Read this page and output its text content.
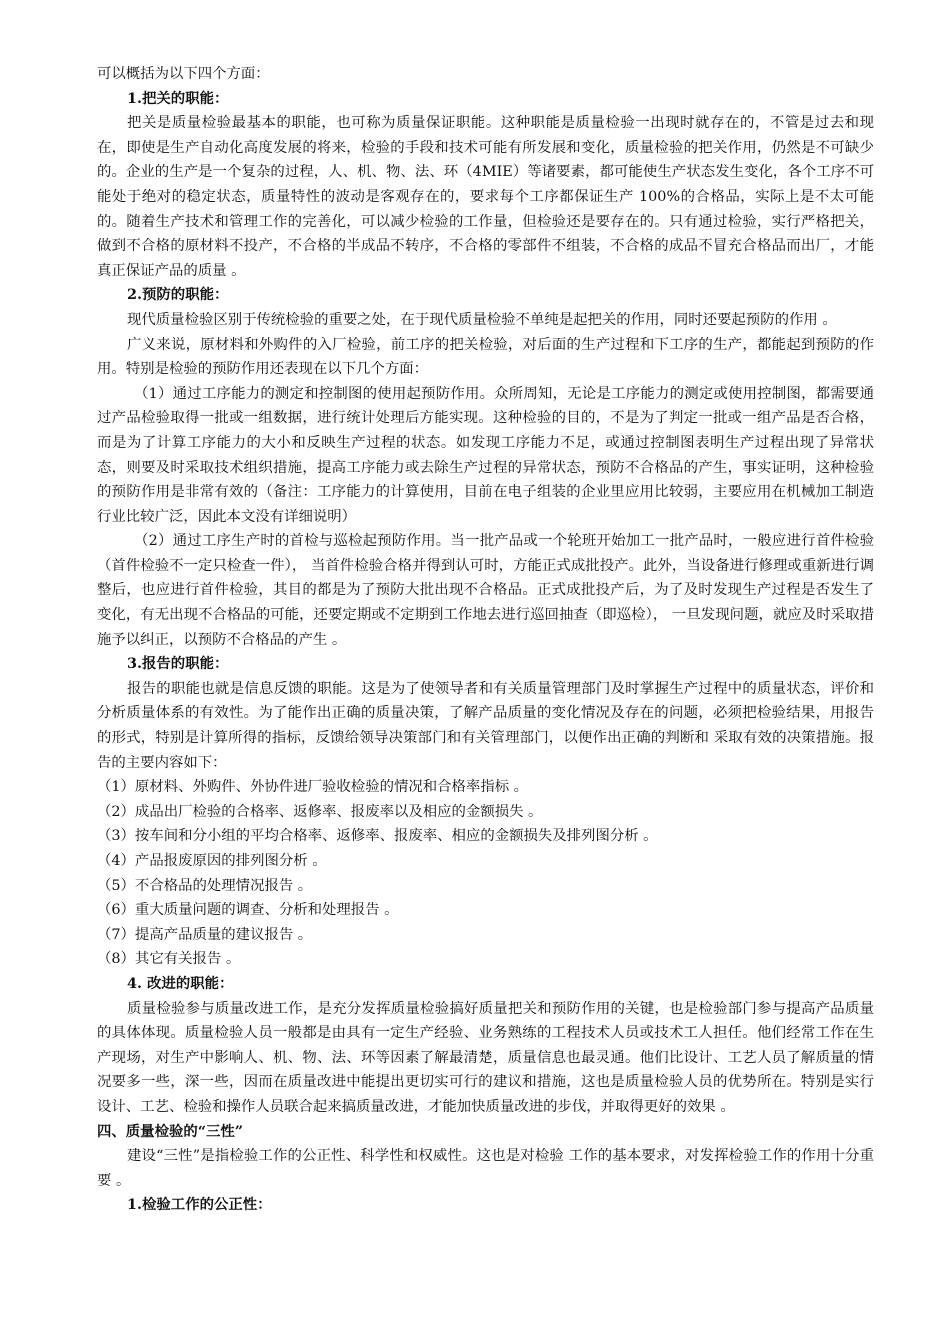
可以概括为以下四个方面：

1.把关的职能：

把关是质量检验最基本的职能，也可称为质量保证职能。这种职能是质量检验一出现时就存在的，不管是过去和现在，即使是生产自动化高度发展的将来，检验的手段和技术可能有所发展和变化，质量检验的把关作用，仍然是不可缺少的。企业的生产是一个复杂的过程，人、机、物、法、环（4MIE）等诸要素，都可能使生产状态发生变化，各个工序不可能处于绝对的稳定状态，质量特性的波动是客观存在的，要求每个工序都保证生产 100%的合格品，实际上是不太可能的。随着生产技术和管理工作的完善化，可以减少检验的工作量，但检验还是要存在的。只有通过检验，实行严格把关，做到不合格的原材料不投产，不合格的半成品不转序，不合格的零部件不组装，不合格的成品不冒充合格品而出厂，才能真正保证产品的质量 。

2.预防的职能：

现代质量检验区别于传统检验的重要之处，在于现代质量检验不单纯是起把关的作用，同时还要起预防的作用 。

广义来说，原材料和外购件的入厂检验，前工序的把关检验，对后面的生产过程和下工序的生产，都能起到预防的作用。特别是检验的预防作用还表现在以下几个方面：

（1）通过工序能力的测定和控制图的使用起预防作用。众所周知，无论是工序能力的测定或使用控制图，都需要通过产品检验取得一批或一组数据，进行统计处理后方能实现。这种检验的目的，不是为了判定一批或一组产品是否合格，而是为了计算工序能力的大小和反映生产过程的状态。如发现工序能力不足，或通过控制图表明生产过程出现了异常状态，则要及时采取技术组织措施，提高工序能力或去除生产过程的异常状态，预防不合格品的产生，事实证明，这种检验的预防作用是非常有效的（备注：工序能力的计算使用，目前在电子组装的企业里应用比较弱，主要应用在机械加工制造行业比较广泛，因此本文没有详细说明）

（2）通过工序生产时的首检与巡检起预防作用。当一批产品或一个轮班开始加工一批产品时，一般应进行首件检验（首件检验不一定只检查一件）， 当首件检验合格并得到认可时，方能正式成批投产。此外，当设备进行修理或重新进行调整后，也应进行首件检验，其目的都是为了预防大批出现不合格品。正式成批投产后，为了及时发现生产过程是否发生了变化，有无出现不合格品的可能，还要定期或不定期到工作地去进行巡回抽查（即巡检）， 一旦发现问题，就应及时采取措施予以纠正，以预防不合格品的产生 。

3.报告的职能：

报告的职能也就是信息反馈的职能。这是为了使领导者和有关质量管理部门及时掌握生产过程中的质量状态，评价和分析质量体系的有效性。为了能作出正确的质量决策，了解产品质量的变化情况及存在的问题，必须把检验结果，用报告的形式，特别是计算所得的指标，反馈给领导决策部门和有关管理部门，以便作出正确的判断和 采取有效的决策措施。报告的主要内容如下：

（1）原材料、外购件、外协件进厂验收检验的情况和合格率指标 。

（2）成品出厂检验的合格率、返修率、报废率以及相应的金额损失 。

（3）按车间和分小组的平均合格率、返修率、报废率、相应的金额损失及排列图分析 。

（4）产品报废原因的排列图分析 。

（5）不合格品的处理情况报告 。

（6）重大质量问题的调查、分析和处理报告 。

（7）提高产品质量的建议报告 。

（8）其它有关报告 。

4. 改进的职能：

质量检验参与质量改进工作，是充分发挥质量检验搞好质量把关和预防作用的关键，也是检验部门参与提高产品质量的具体体现。质量检验人员一般都是由具有一定生产经验、业务熟练的工程技术人员或技术工人担任。他们经常工作在生产现场，对生产中影响人、机、物、法、环等因素了解最清楚，质量信息也最灵通。他们比设计、工艺人员了解质量的情况要多一些，深一些，因而在质量改进中能提出更切实可行的建议和措施，这也是质量检验人员的优势所在。特别是实行设计、工艺、检验和操作人员联合起来搞质量改进，才能加快质量改进的步伐，并取得更好的效果 。

四、质量检验的“三性”

建设“三性”是指检验工作的公正性、科学性和权威性。这也是对检验 工作的基本要求，对发挥检验工作的作用十分重要 。

1.检验工作的公正性：
